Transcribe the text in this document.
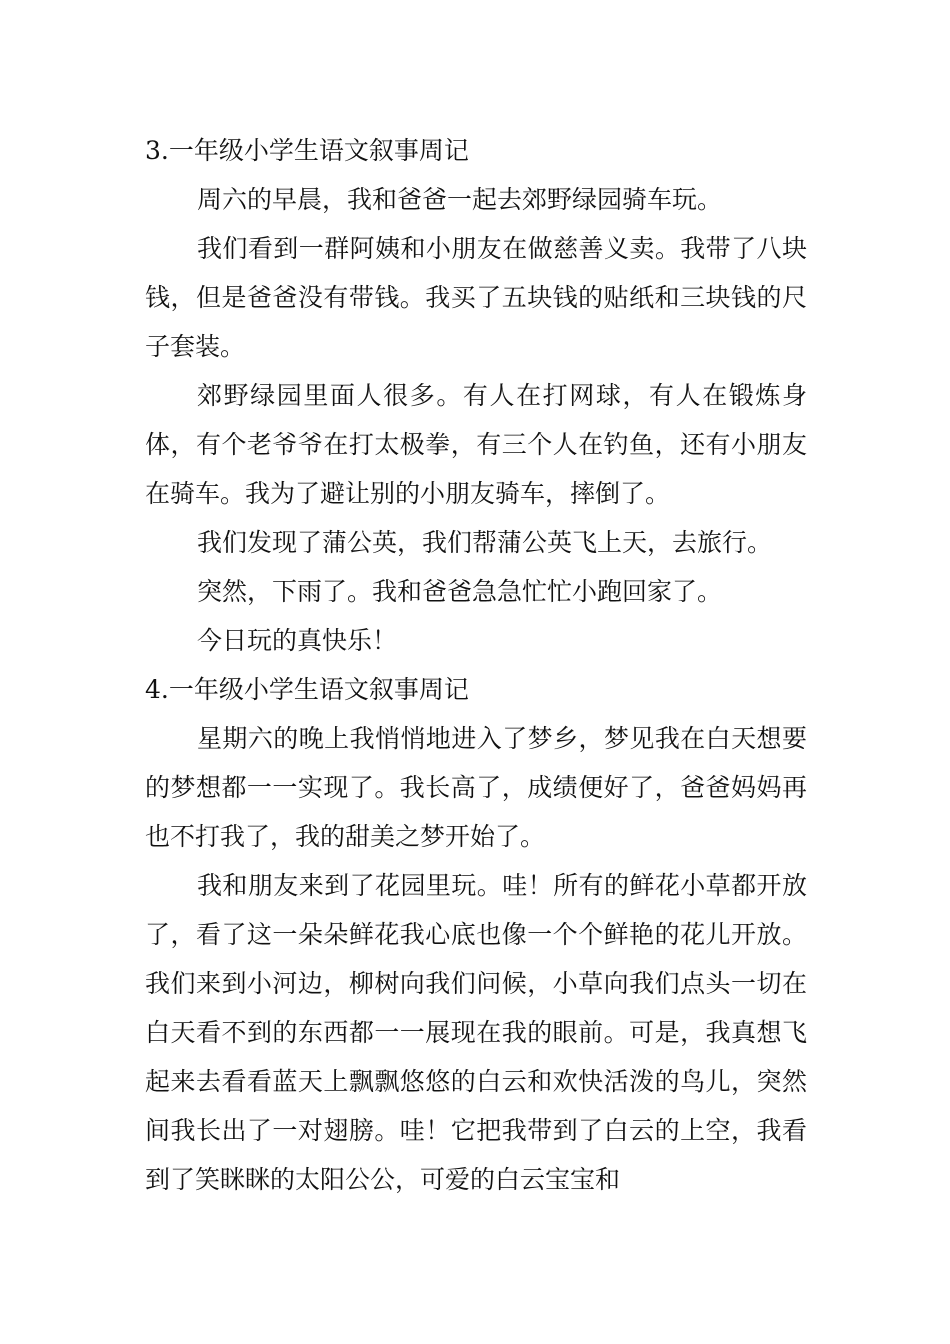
3.一年级小学生语文叙事周记

周六的早晨，我和爸爸一起去郊野绿园骑车玩。

我们看到一群阿姨和小朋友在做慈善义卖。我带了八块钱，但是爸爸没有带钱。我买了五块钱的贴纸和三块钱的尺子套装。

郊野绿园里面人很多。有人在打网球，有人在锻炼身体，有个老爷爷在打太极拳，有三个人在钓鱼，还有小朋友在骑车。我为了避让别的小朋友骑车，摔倒了。

我们发现了蒲公英，我们帮蒲公英飞上天，去旅行。

突然，下雨了。我和爸爸急急忙忙小跑回家了。

今日玩的真快乐！

4.一年级小学生语文叙事周记

星期六的晚上我悄悄地进入了梦乡，梦见我在白天想要的梦想都一一实现了。我长高了，成绩便好了，爸爸妈妈再也不打我了，我的甜美之梦开始了。

我和朋友来到了花园里玩。哇！所有的鲜花小草都开放了，看了这一朵朵鲜花我心底也像一个个鲜艳的花儿开放。我们来到小河边，柳树向我们问候，小草向我们点头一切在白天看不到的东西都一一展现在我的眼前。可是，我真想飞起来去看看蓝天上飘飘悠悠的白云和欢快活泼的鸟儿，突然间我长出了一对翅膀。哇！它把我带到了白云的上空，我看到了笑眯眯的太阳公公，可爱的白云宝宝和
